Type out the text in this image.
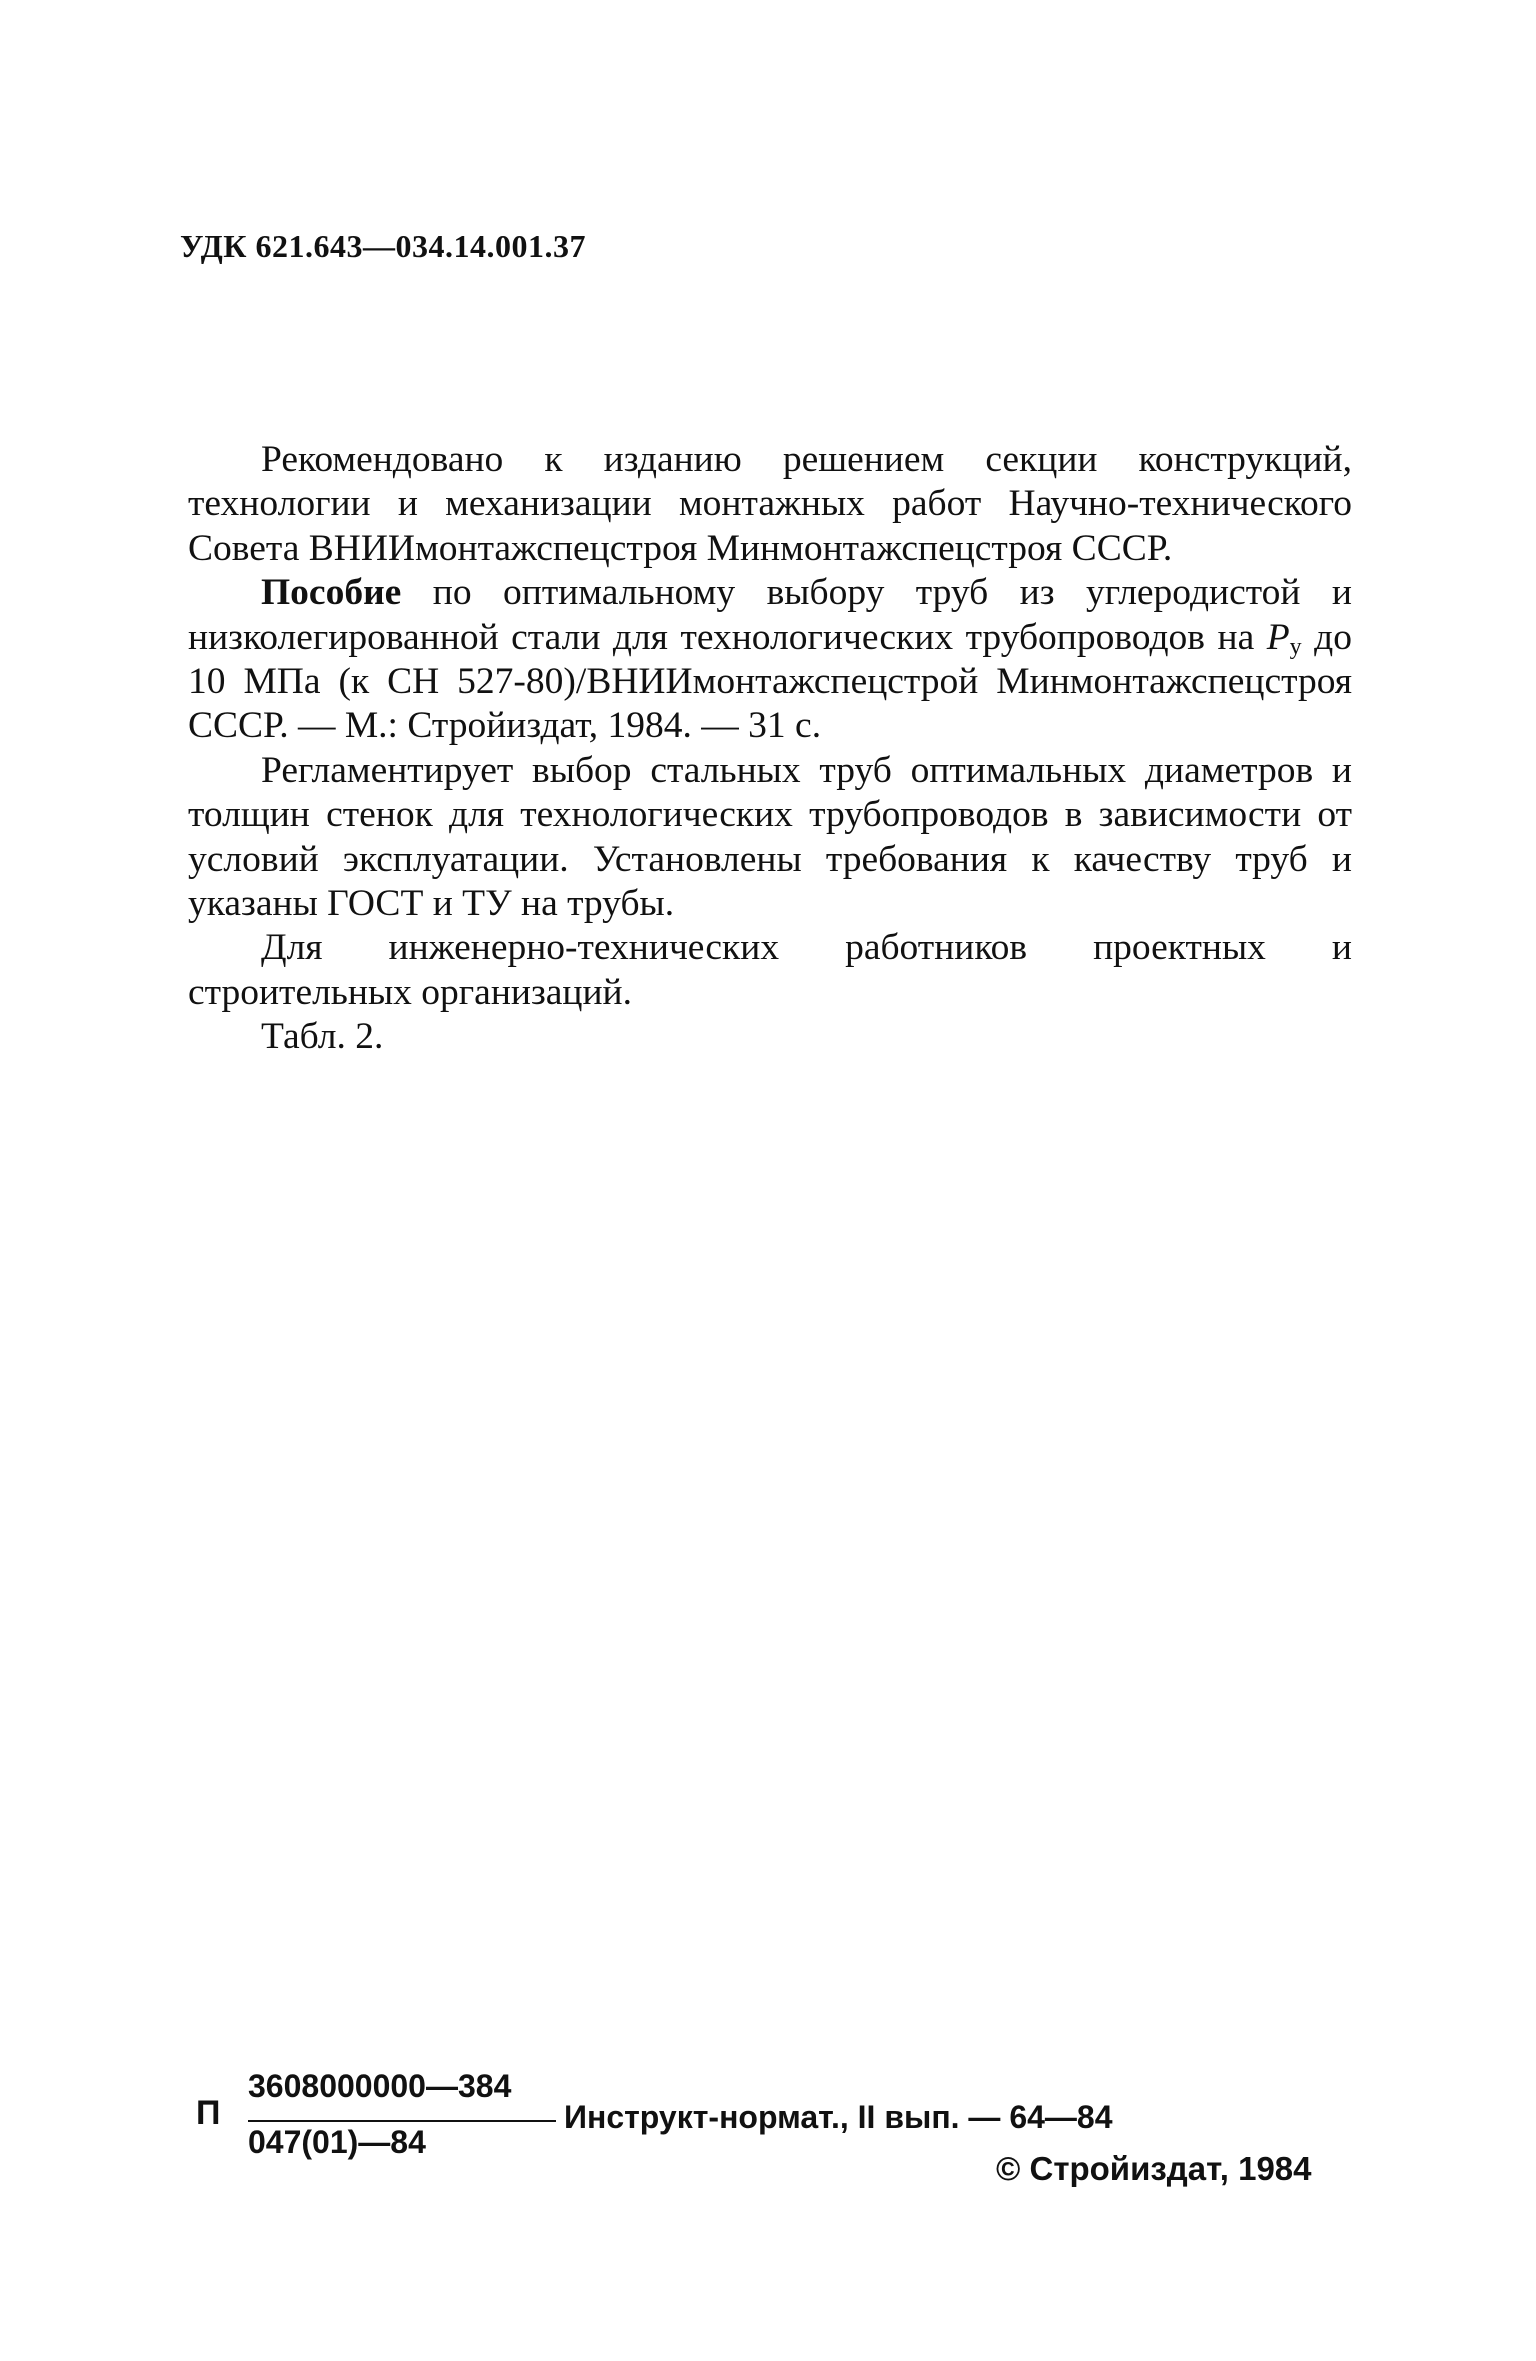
УДК 621.643—034.14.001.37

Рекомендовано к изданию решением секции конструкций, технологии и механизации монтажных работ Научно-технического Совета ВНИИмонтажспецстроя Минмонтажспецстроя СССР.

Пособие по оптимальному выбору труб из углеродистой и низколегированной стали для технологических трубопроводов на $P_у$ до 10 МПа (к СН 527-80)/ВНИИмонтажспецстрой Минмонтажспецстроя СССР. — М.: Стройиздат, 1984. — 31 с.

Регламентирует выбор стальных труб оптимальных диаметров и толщин стенок для технологических трубопроводов в зависимости от условий эксплуатации. Установлены требования к качеству труб и указаны ГОСТ и ТУ на трубы.

Для инженерно-технических работников проектных и строительных организаций.

Табл. 2.

П
3608000000—384
047(01)—84
Инструкт-нормат., II вып. — 64—84
© Стройиздат, 1984
